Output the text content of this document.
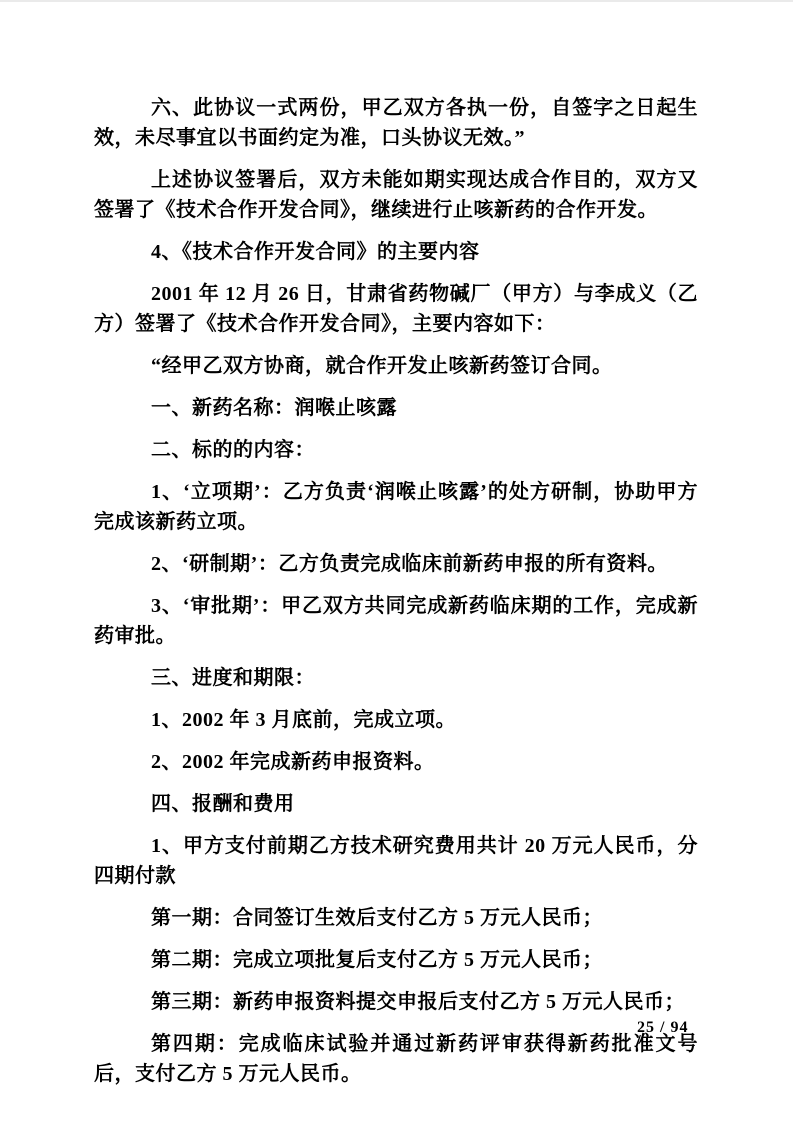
六、此协议一式两份，甲乙双方各执一份，自签字之日起生效，未尽事宜以书面约定为准，口头协议无效。”

上述协议签署后，双方未能如期实现达成合作目的，双方又签署了《技术合作开发合同》，继续进行止咳新药的合作开发。

4、《技术合作开发合同》的主要内容

2001 年 12 月 26 日，甘肃省药物碱厂（甲方）与李成义（乙方）签署了《技术合作开发合同》，主要内容如下：

“经甲乙双方协商，就合作开发止咳新药签订合同。

一、新药名称：润喉止咳露

二、标的的内容：

1、‘立项期’：乙方负责‘润喉止咳露’的处方研制，协助甲方完成该新药立项。

2、‘研制期’：乙方负责完成临床前新药申报的所有资料。

3、‘审批期’：甲乙双方共同完成新药临床期的工作，完成新药审批。

三、进度和期限：

1、2002 年 3 月底前，完成立项。

2、2002 年完成新药申报资料。

四、报酬和费用

1、甲方支付前期乙方技术研究费用共计 20 万元人民币，分四期付款

第一期：合同签订生效后支付乙方 5 万元人民币；

第二期：完成立项批复后支付乙方 5 万元人民币；

第三期：新药申报资料提交申报后支付乙方 5 万元人民币；

第四期：完成临床试验并通过新药评审获得新药批准文号后，支付乙方 5 万元人民币。

25 / 94
